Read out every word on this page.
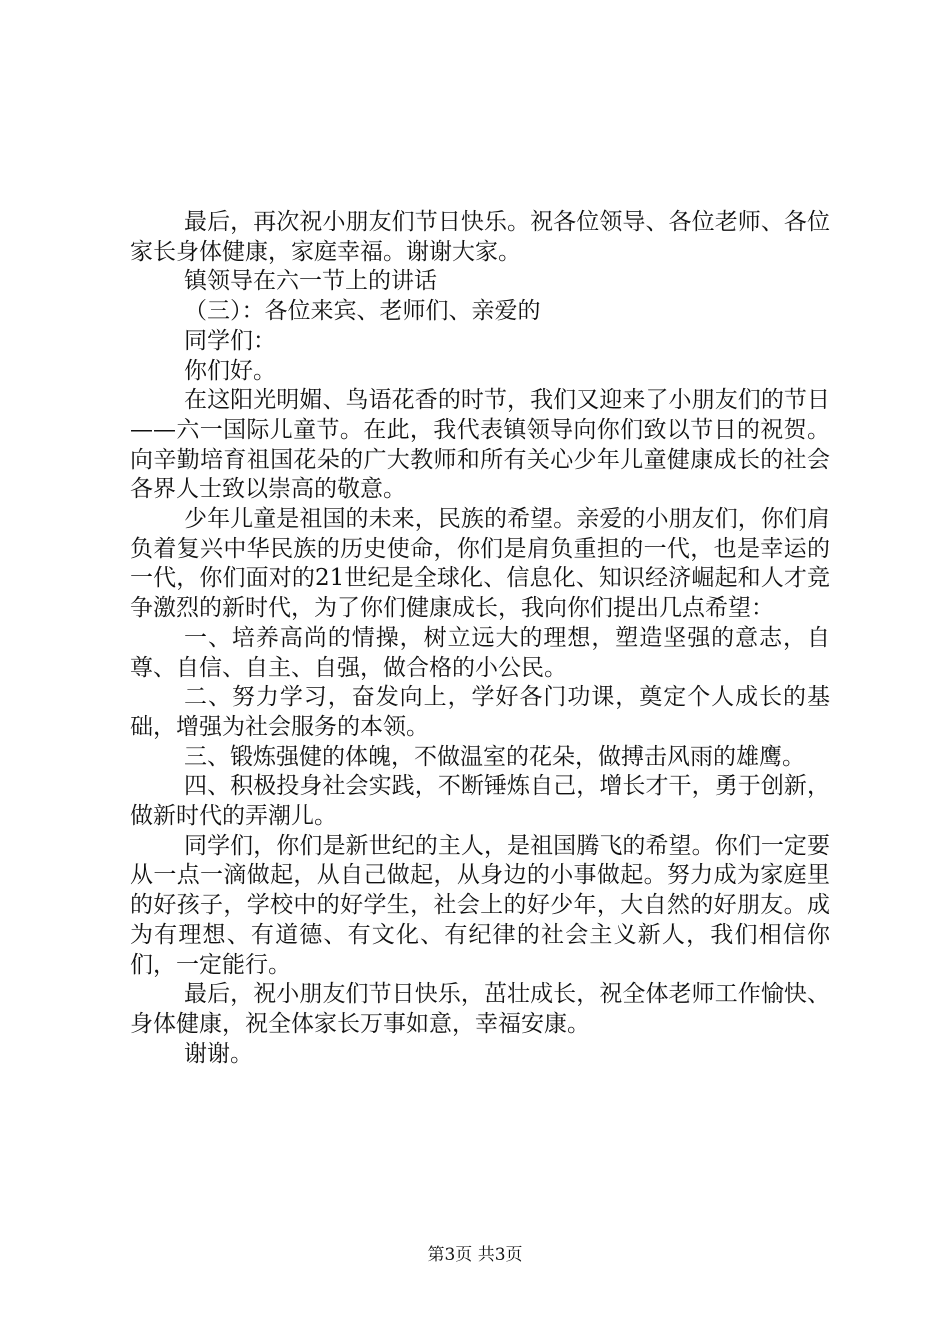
最后，再次祝小朋友们节日快乐。祝各位领导、各位老师、各位家长身体健康，家庭幸福。谢谢大家。

镇领导在六一节上的讲话

（三）：各位来宾、老师们、亲爱的

同学们：

你们好。

在这阳光明媚、鸟语花香的时节，我们又迎来了小朋友们的节日——六一国际儿童节。在此，我代表镇领导向你们致以节日的祝贺。向辛勤培育祖国花朵的广大教师和所有关心少年儿童健康成长的社会各界人士致以崇高的敬意。

少年儿童是祖国的未来，民族的希望。亲爱的小朋友们，你们肩负着复兴中华民族的历史使命，你们是肩负重担的一代，也是幸运的一代，你们面对的21世纪是全球化、信息化、知识经济崛起和人才竞争激烈的新时代，为了你们健康成长，我向你们提出几点希望：

一、培养高尚的情操，树立远大的理想，塑造坚强的意志，自尊、自信、自主、自强，做合格的小公民。

二、努力学习，奋发向上，学好各门功课，奠定个人成长的基础，增强为社会服务的本领。

三、锻炼强健的体魄，不做温室的花朵，做搏击风雨的雄鹰。

四、积极投身社会实践，不断锤炼自己，增长才干，勇于创新，做新时代的弄潮儿。

同学们，你们是新世纪的主人，是祖国腾飞的希望。你们一定要从一点一滴做起，从自己做起，从身边的小事做起。努力成为家庭里的好孩子，学校中的好学生，社会上的好少年，大自然的好朋友。成为有理想、有道德、有文化、有纪律的社会主义新人，我们相信你们，一定能行。

最后，祝小朋友们节日快乐，茁壮成长，祝全体老师工作愉快、身体健康，祝全体家长万事如意，幸福安康。

谢谢。

第3页 共3页
